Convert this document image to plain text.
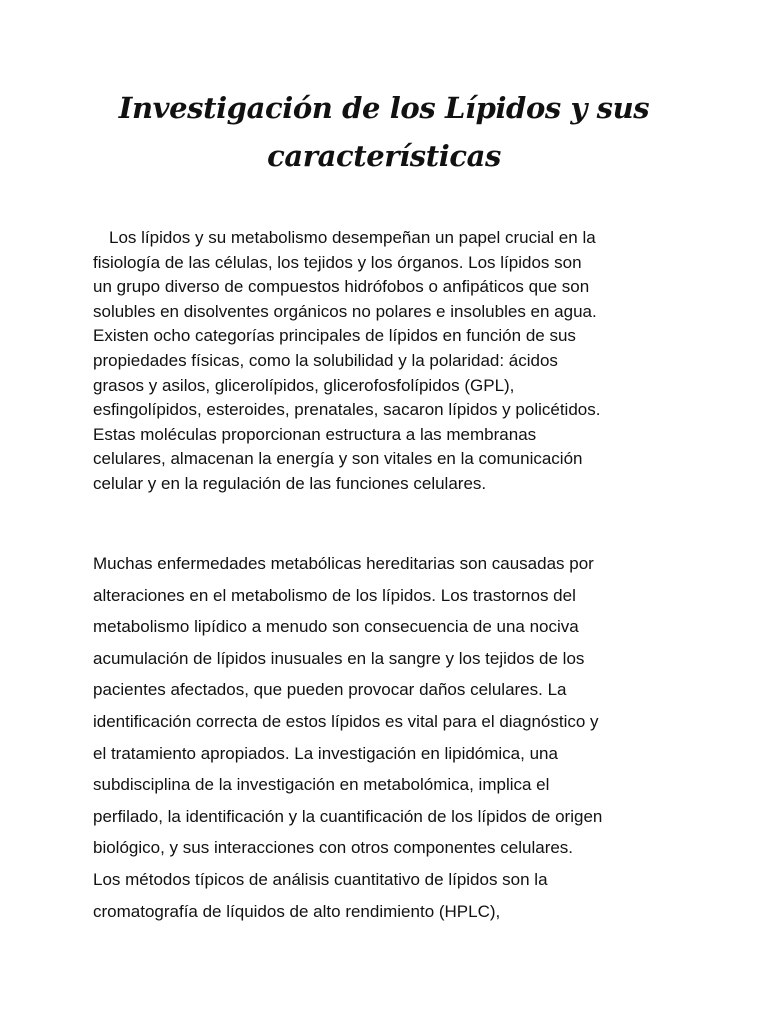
Investigación de los Lípidos y sus
características
Los lípidos y su metabolismo desempeñan un papel crucial en la
fisiología de las células, los tejidos y los órganos. Los lípidos son
un grupo diverso de compuestos hidrófobos o anfipáticos que son
solubles en disolventes orgánicos no polares e insolubles en agua.
Existen ocho categorías principales de lípidos en función de sus
propiedades físicas, como la solubilidad y la polaridad: ácidos
grasos y asilos, glicerolípidos, glicerofosfolípidos (GPL),
esfingolípidos, esteroides, prenatales, sacaron lípidos y policétidos.
Estas moléculas proporcionan estructura a las membranas
celulares, almacenan la energía y son vitales en la comunicación
celular y en la regulación de las funciones celulares.
Muchas enfermedades metabólicas hereditarias son causadas por
alteraciones en el metabolismo de los lípidos. Los trastornos del
metabolismo lipídico a menudo son consecuencia de una nociva
acumulación de lípidos inusuales en la sangre y los tejidos de los
pacientes afectados, que pueden provocar daños celulares. La
identificación correcta de estos lípidos es vital para el diagnóstico y
el tratamiento apropiados. La investigación en lipidómica, una
subdisciplina de la investigación en metabolómica, implica el
perfilado, la identificación y la cuantificación de los lípidos de origen
biológico, y sus interacciones con otros componentes celulares.
Los métodos típicos de análisis cuantitativo de lípidos son la
cromatografía de líquidos de alto rendimiento (HPLC),
